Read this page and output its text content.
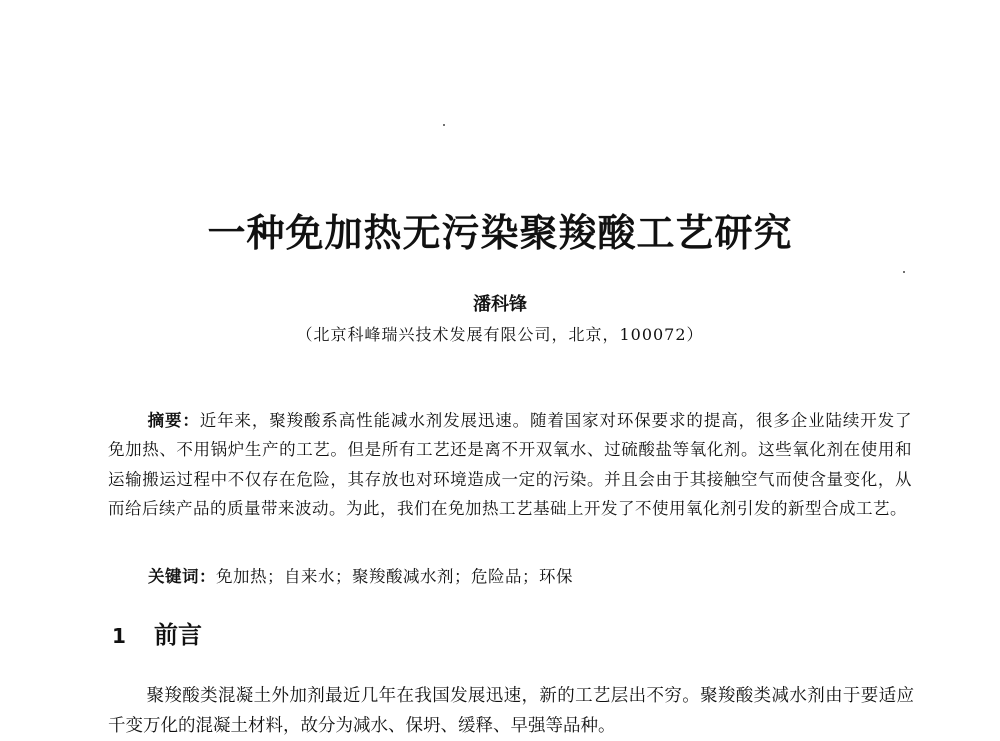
一种免加热无污染聚羧酸工艺研究
潘科锋
（北京科峰瑞兴技术发展有限公司，北京，100072）

摘要：近年来，聚羧酸系高性能减水剂发展迅速。随着国家对环保要求的提高，很多企业陆续开发了免加热、不用锅炉生产的工艺。但是所有工艺还是离不开双氧水、过硫酸盐等氧化剂。这些氧化剂在使用和运输搬运过程中不仅存在危险，其存放也对环境造成一定的污染。并且会由于其接触空气而使含量变化，从而给后续产品的质量带来波动。为此，我们在免加热工艺基础上开发了不使用氧化剂引发的新型合成工艺。

关键词：免加热；自来水；聚羧酸减水剂；危险品；环保
1 前言

聚羧酸类混凝土外加剂最近几年在我国发展迅速，新的工艺层出不穷。聚羧酸类减水剂由于要适应千变万化的混凝土材料，故分为减水、保坍、缓释、早强等品种。
